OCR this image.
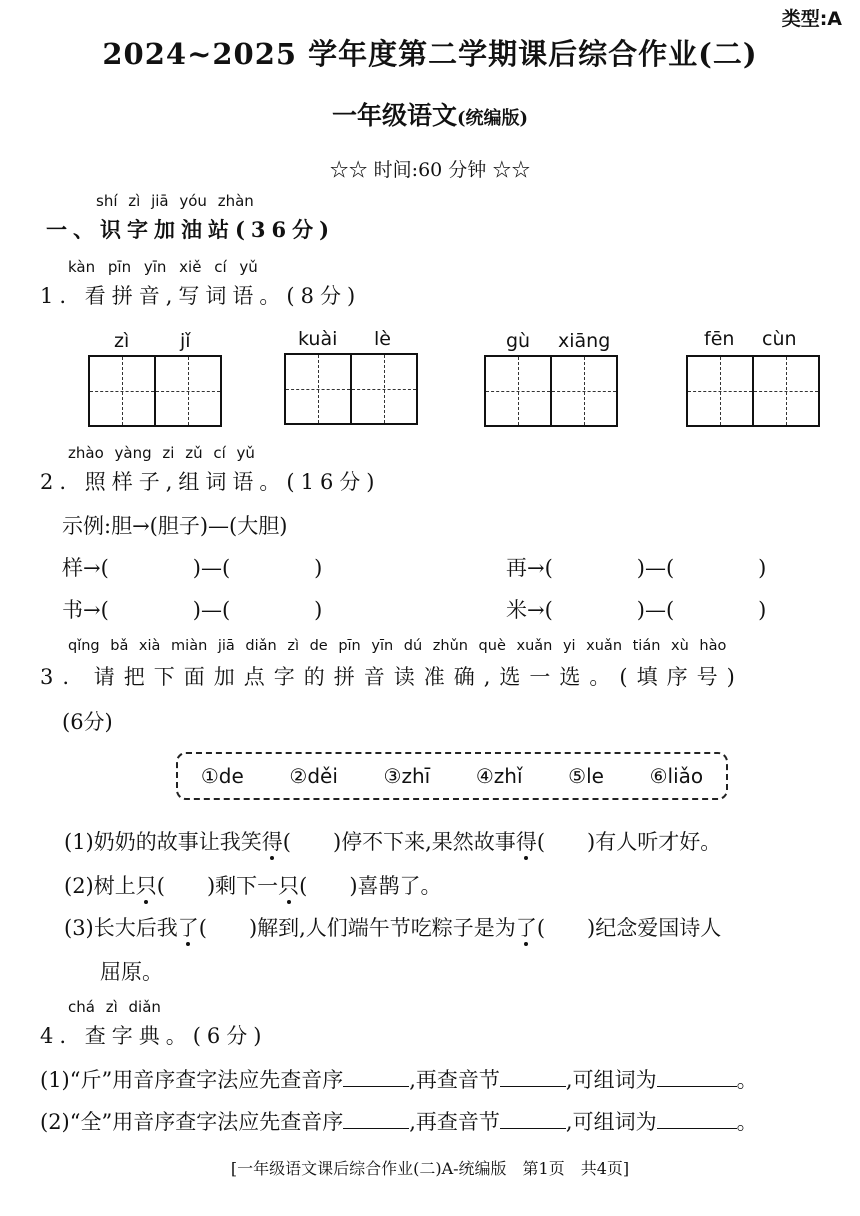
类型:A
2024~2025 学年度第二学期课后综合作业(二)
一年级语文(统编版)
☆☆ 时间:60 分钟 ☆☆
shí zì jiā yóu zhàn
一、识字加油站(36分)
kàn pīn yīn xiě cí yǔ
1. 看拼音,写词语。(8分)
zì	jǐ	kuài lè	gù xiāng	fēn cùn
zhào yàng zi zǔ cí yǔ
2. 照样子,组词语。(16分)
示例:胆→(胆子)—(大胆)
样→(　　　　)—(　　　　)	再→(　　　　)—(　　　　)
书→(　　　　)—(　　　　)	米→(　　　　)—(　　　　)
qǐng bǎ xià miàn jiā diǎn zì de pīn yīn dú zhǔn què xuǎn yi xuǎn tián xù hào
3. 请把下面加点字的拼音读准确,选一选。(填序号)
(6分)
①de ②děi ③zhī ④zhǐ ⑤le ⑥liǎo
(1)奶奶的故事让我笑得(　　)停不下来,果然故事得(　　)有人听才好。
(2)树上只(　　)剩下一只(　　)喜鹊了。
(3)长大后我了(　　)解到,人们端午节吃粽子是为了(　　)纪念爱国诗人
屈原。
chá zì diǎn
4. 查字典。(6分)
(1)“斤”用音序查字法应先查音序	,再查音节	,可组词为	。
(2)“全”用音序查字法应先查音序	,再查音节	,可组词为	。
[一年级语文课后综合作业(二)A-统编版　第1页　共4页]
